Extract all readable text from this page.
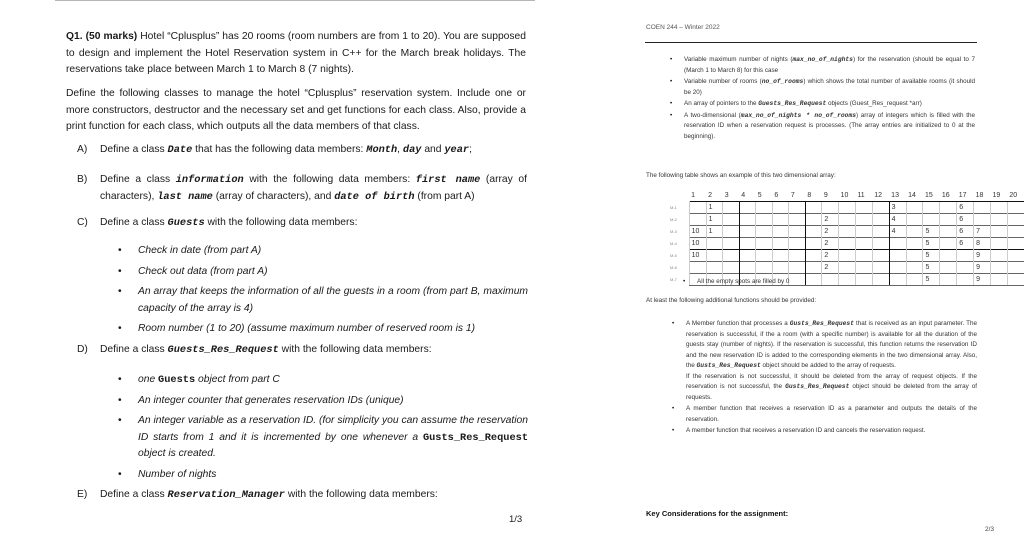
Q1. (50 marks) Hotel “Cplusplus” has 20 rooms (room numbers are from 1 to 20). You are supposed to design and implement the Hotel Reservation system in C++ for the March break holidays. The reservations take place between March 1 to March 8 (7 nights).
Define the following classes to manage the hotel “Cplusplus” reservation system. Include one or more constructors, destructor and the necessary set and get functions for each class. Also, provide a print function for each class, which outputs all the data members of that class.
A) Define a class Date that has the following data members: Month, day and year;
B) Define a class information with the following data members: first name (array of characters), last name (array of characters), and date of birth (from part A)
C) Define a class Guests with the following data members:
• Check in date (from part A)
• Check out data (from part A)
• An array that keeps the information of all the guests in a room (from part B, maximum capacity of the array is 4)
• Room number (1 to 20) (assume maximum number of reserved room is 1)
D) Define a class Guests_Res_Request with the following data members:
• one Guests object from part C
• An integer counter that generates reservation IDs (unique)
• An integer variable as a reservation ID. (for simplicity you can assume the reservation ID starts from 1 and it is incremented by one whenever a Gusts_Res_Request object is created.
• Number of nights
E) Define a class Reservation_Manager with the following data members:
1/3
COEN 244 – Winter 2022
• Variable maximum number of nights (max_no_of_nights) for the reservation (should be equal to 7 (March 1 to March 8) for this case
• Variable number of rooms (no_of_rooms) which shows the total number of available rooms (it should be 20)
• An array of pointers to the Guests_Res_Request objects (Guest_Res_request *arr)
• A two-dimensional (max_no_of_nights * no_of_rooms) array of integers which is filled with the reservation ID when a reservation request is processes. (The array entries are initialized to 0 at the beginning).
The following table shows an example of this two dimensional array:
	1	2	3	4	5	6	7	8	9	10	11	12	13	14	15	16	17	18	19	20
M-1		1											3				6			
M-2		1							2				4				6			
M-3	10	1							2				4		5		6	7		
M-4	10								2						5		6	8		
M-5	10								2						5			9		
M-6									2						5			9		
M-7															5			9		
• All the empty spots are filled by 0
At least the following additional functions should be provided:
• A Member function that processes a Gusts_Res_Request that is received as an input parameter. The reservation is successful, if the a room (with a specific number) is available for all the duration of the guests stay (number of nights). If the reservation is successful, this function returns the reservation ID and the new reservation ID is added to the corresponding elements in the two dimensional array. Also, the Gusts_Res_Request object should be added to the array of requests.
If the reservation is not successful, it should be deleted from the array of request objects. If the reservation is not successful, the Gusts_Res_Request object should be deleted from the array of requests.
• A member function that receives a reservation ID as a parameter and outputs the details of the reservation.
• A member function that receives a reservation ID and cancels the reservation request.
Key Considerations for the assignment:
2/3
